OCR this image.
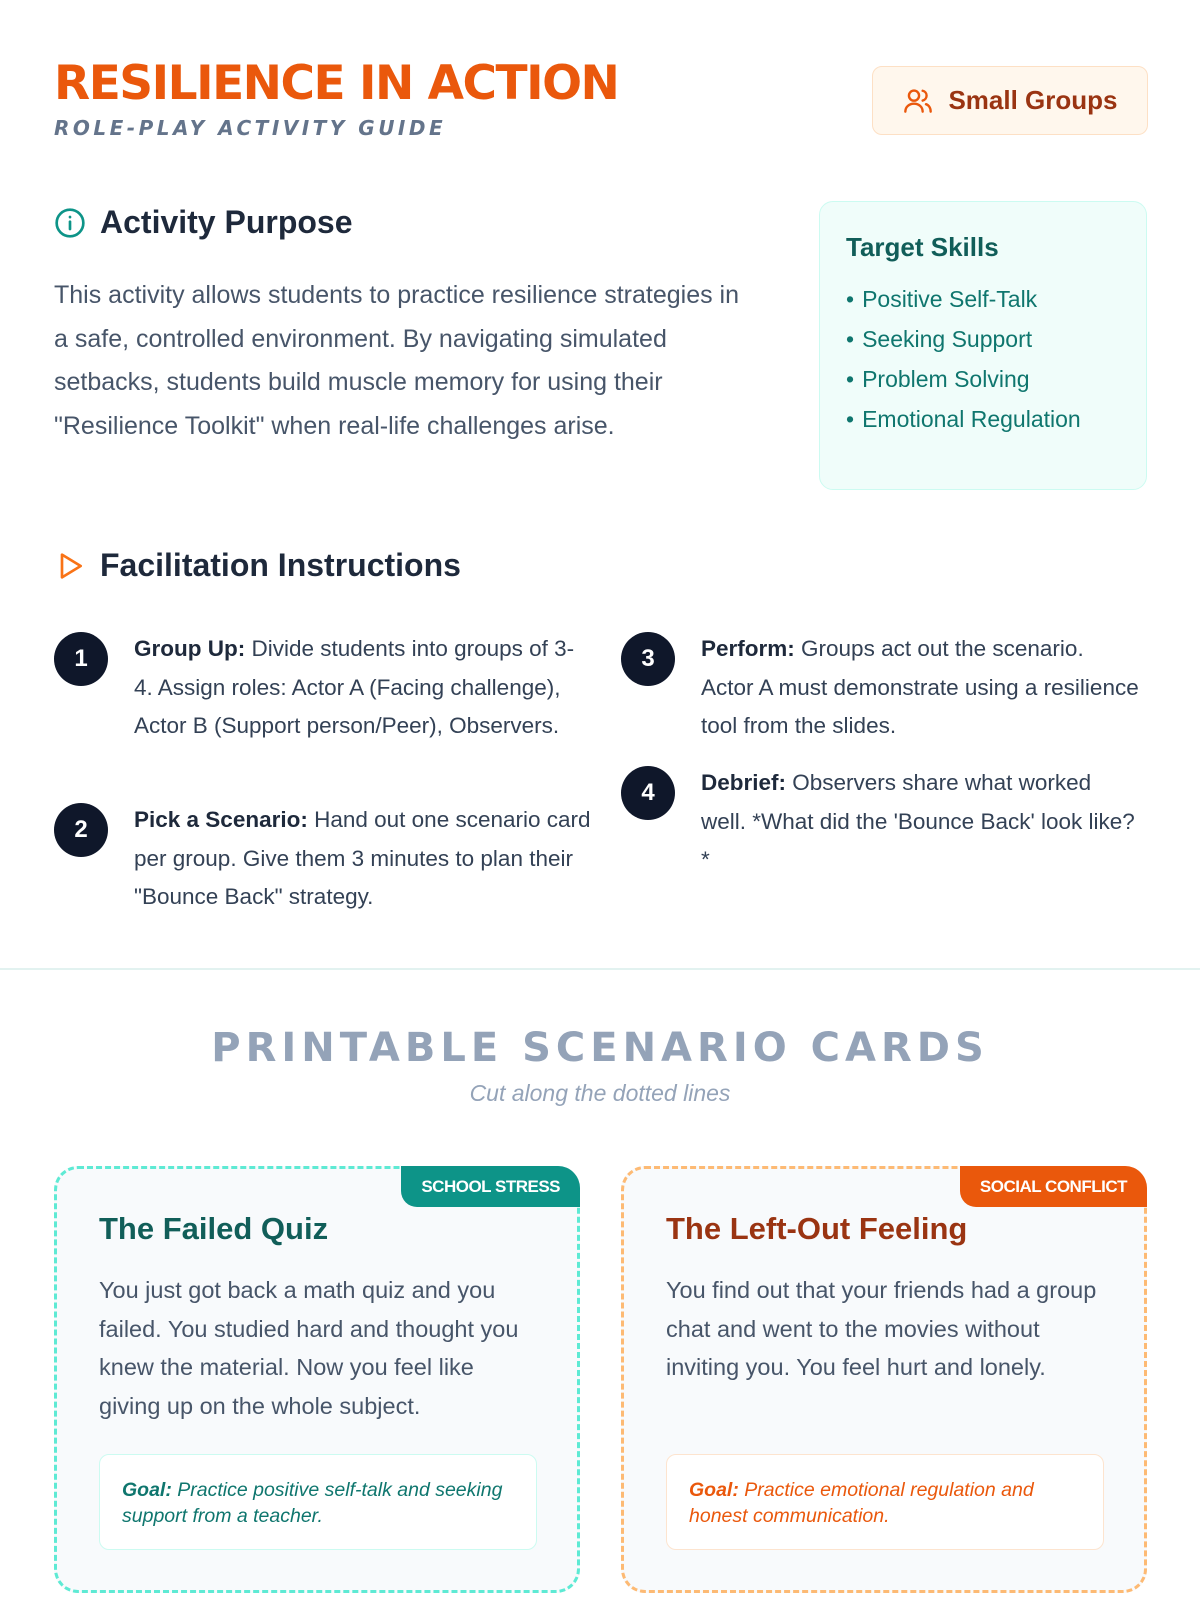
RESILIENCE IN ACTION
ROLE-PLAY ACTIVITY GUIDE
Small Groups
Activity Purpose

This activity allows students to practice resilience strategies in a safe, controlled environment. By navigating simulated setbacks, students build muscle memory for using their "Resilience Toolkit" when real-life challenges arise.

Target Skills
• Positive Self-Talk
• Seeking Support
• Problem Solving
• Emotional Regulation
Facilitation Instructions
1	Group Up: Divide students into groups of 3-4. Assign roles: Actor A (Facing challenge), Actor B (Support person/Peer), Observers.
2	Pick a Scenario: Hand out one scenario card per group. Give them 3 minutes to plan their "Bounce Back" strategy.
3	Perform: Groups act out the scenario. Actor A must demonstrate using a resilience tool from the slides.
4	Debrief: Observers share what worked well. *What did the 'Bounce Back' look like?*
PRINTABLE SCENARIO CARDS
Cut along the dotted lines
SCHOOL STRESS
The Failed Quiz

You just got back a math quiz and you failed. You studied hard and thought you knew the material. Now you feel like giving up on the whole subject.

Goal: Practice positive self-talk and seeking support from a teacher.
SOCIAL CONFLICT
The Left-Out Feeling

You find out that your friends had a group chat and went to the movies without inviting you. You feel hurt and lonely.

Goal: Practice emotional regulation and honest communication.
